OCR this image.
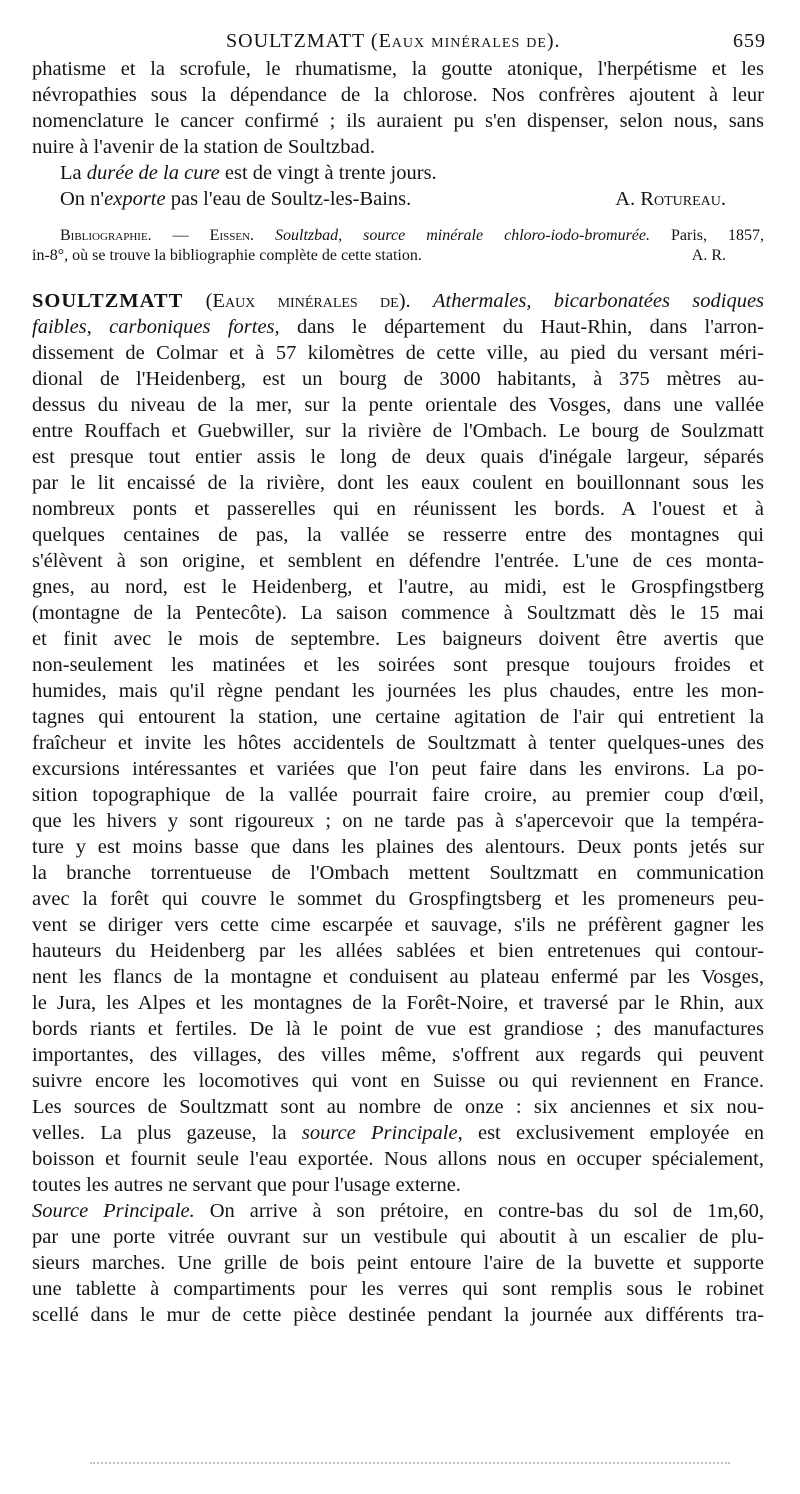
SOULTZMATT (Eaux minérales de).	659
phatisme et la scrofule, le rhumatisme, la goutte atonique, l'herpétisme et les
névropathies sous la dépendance de la chlorose. Nos confrères ajoutent à leur
nomenclature le cancer confirmé ; ils auraient pu s'en dispenser, selon nous, sans
nuire à l'avenir de la station de Soultzbad.
La durée de la cure est de vingt à trente jours.
On n'exporte pas l'eau de Soultz-les-Bains.	A. Rotureau.
Bibliographie. — Eissen. Soultzbad, source minérale chloro-iodo-bromurée. Paris, 1857,
in-8°, où se trouve la bibliographie complète de cette station.	A. R.
SOULTZMATT (Eaux minérales de). Athermales, bicarbonatées sodiques
faibles, carboniques fortes, dans le département du Haut-Rhin, dans l'arron-
dissement de Colmar et à 57 kilomètres de cette ville, au pied du versant méri-
dional de l'Heidenberg, est un bourg de 3000 habitants, à 375 mètres au-
dessus du niveau de la mer, sur la pente orientale des Vosges, dans une vallée
entre Rouffach et Guebwiller, sur la rivière de l'Ombach. Le bourg de Soulzmatt
est presque tout entier assis le long de deux quais d'inégale largeur, séparés
par le lit encaissé de la rivière, dont les eaux coulent en bouillonnant sous les
nombreux ponts et passerelles qui en réunissent les bords. A l'ouest et à
quelques centaines de pas, la vallée se resserre entre des montagnes qui
s'élèvent à son origine, et semblent en défendre l'entrée. L'une de ces monta-
gnes, au nord, est le Heidenberg, et l'autre, au midi, est le Grospfingstberg
(montagne de la Pentecôte). La saison commence à Soultzmatt dès le 15 mai
et finit avec le mois de septembre. Les baigneurs doivent être avertis que
non-seulement les matinées et les soirées sont presque toujours froides et
humides, mais qu'il règne pendant les journées les plus chaudes, entre les mon-
tagnes qui entourent la station, une certaine agitation de l'air qui entretient la
fraîcheur et invite les hôtes accidentels de Soultzmatt à tenter quelques-unes des
excursions intéressantes et variées que l'on peut faire dans les environs. La po-
sition topographique de la vallée pourrait faire croire, au premier coup d'œil,
que les hivers y sont rigoureux ; on ne tarde pas à s'apercevoir que la tempéra-
ture y est moins basse que dans les plaines des alentours. Deux ponts jetés sur
la branche torrentueuse de l'Ombach mettent Soultzmatt en communication
avec la forêt qui couvre le sommet du Grospfingtsberg et les promeneurs peu-
vent se diriger vers cette cime escarpée et sauvage, s'ils ne préfèrent gagner les
hauteurs du Heidenberg par les allées sablées et bien entretenues qui contour-
nent les flancs de la montagne et conduisent au plateau enfermé par les Vosges,
le Jura, les Alpes et les montagnes de la Forêt-Noire, et traversé par le Rhin, aux
bords riants et fertiles. De là le point de vue est grandiose ; des manufactures
importantes, des villages, des villes même, s'offrent aux regards qui peuvent
suivre encore les locomotives qui vont en Suisse ou qui reviennent en France.
Les sources de Soultzmatt sont au nombre de onze : six anciennes et six nou-
velles. La plus gazeuse, la source Principale, est exclusivement employée en
boisson et fournit seule l'eau exportée. Nous allons nous en occuper spécialement,
toutes les autres ne servant que pour l'usage externe.
Source Principale. On arrive à son prétoire, en contre-bas du sol de 1m,60,
par une porte vitrée ouvrant sur un vestibule qui aboutit à un escalier de plu-
sieurs marches. Une grille de bois peint entoure l'aire de la buvette et supporte
une tablette à compartiments pour les verres qui sont remplis sous le robinet
scellé dans le mur de cette pièce destinée pendant la journée aux différents tra-
